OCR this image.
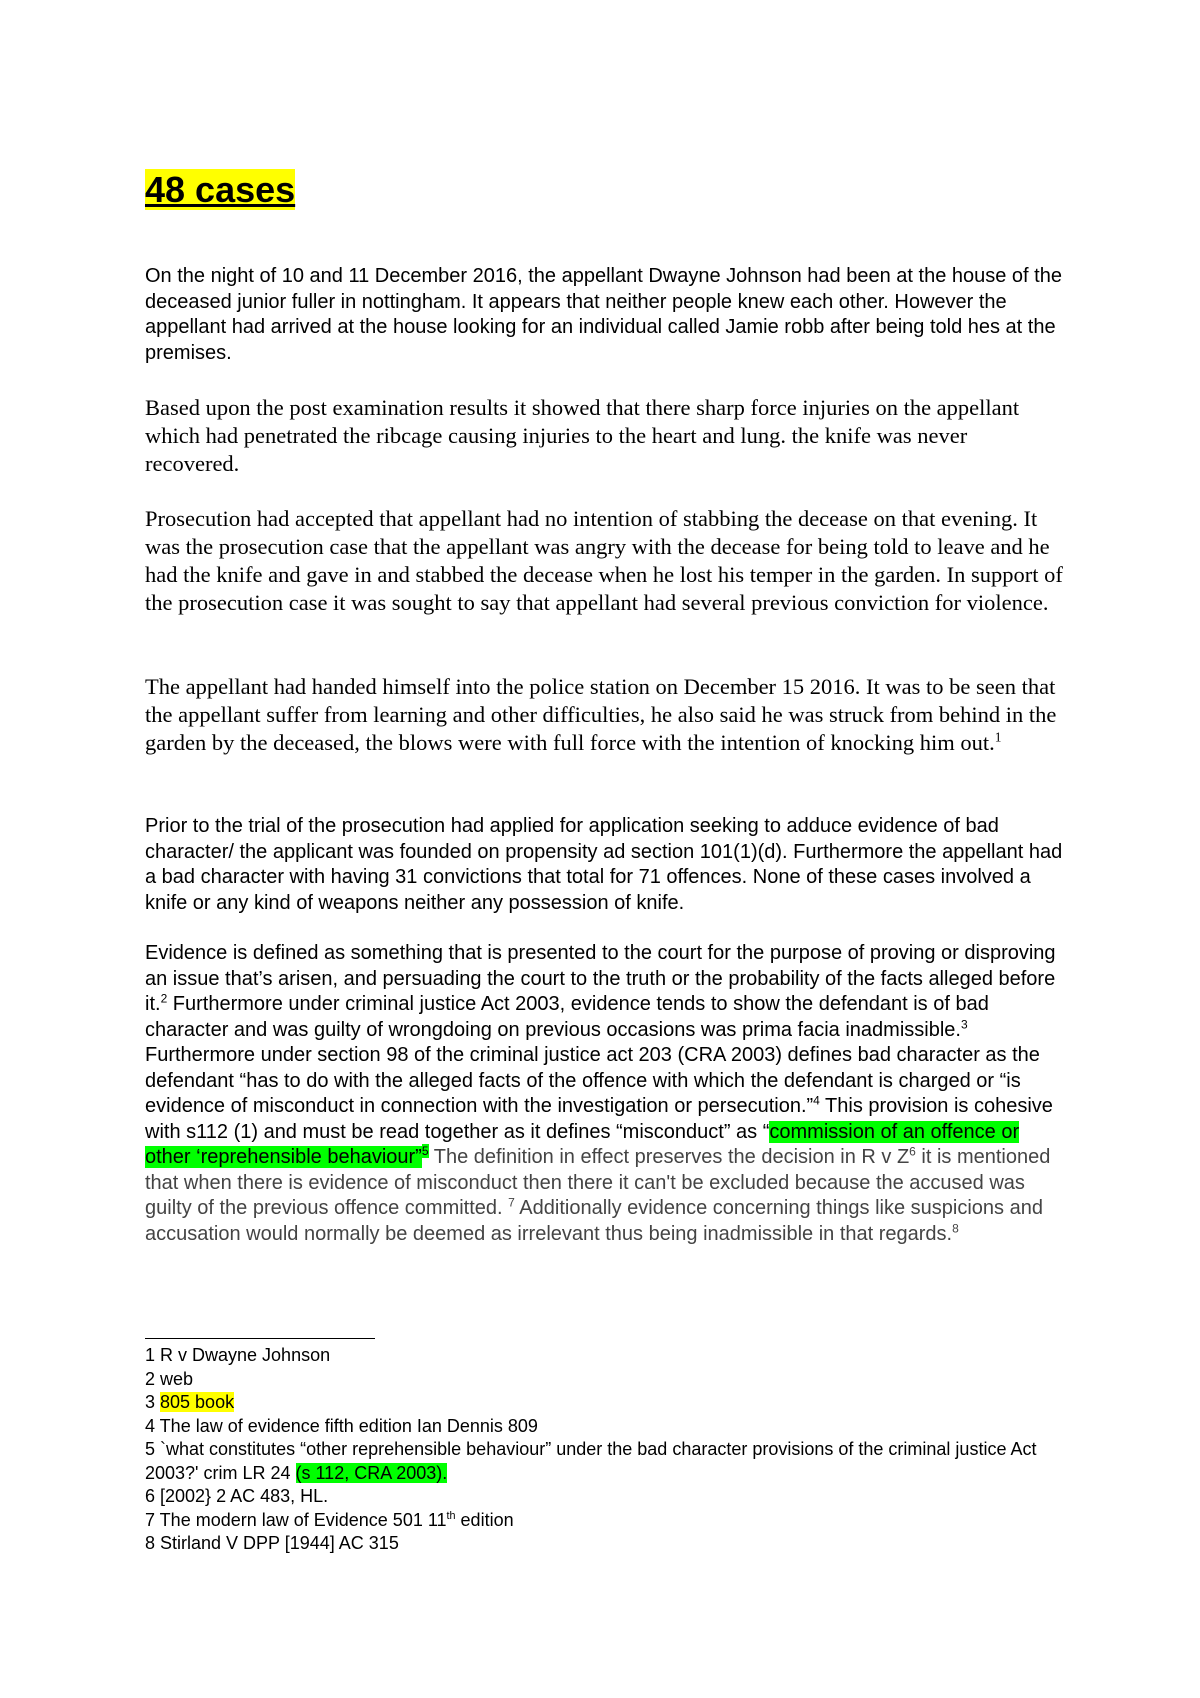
48 cases

On the night of 10 and 11 December 2016, the appellant Dwayne Johnson had been at the house of the deceased junior fuller in nottingham. It appears that neither people knew each other. However the appellant had arrived at the house looking for an individual called Jamie robb after being told hes at the premises.

Based upon the post examination results it showed that there sharp force injuries on the appellant which had penetrated the ribcage causing injuries to the heart and lung. the knife was never recovered.

Prosecution had accepted that appellant had no intention of stabbing the decease on that evening. It was the prosecution case that the appellant was angry with the decease for being told to leave and he had the knife and gave in and stabbed the decease when he lost his temper in the garden. In support of the prosecution case it was sought to say that appellant had several previous conviction for violence.

The appellant had handed himself into the police station on December 15 2016. It was to be seen that the appellant suffer from learning and other difficulties, he also said he was struck from behind in the garden by the deceased, the blows were with full force with the intention of knocking him out.$^1$

Prior to the trial of the prosecution had applied for application seeking to adduce evidence of bad character/ the applicant was founded on propensity ad section 101(1)(d). Furthermore the appellant had a bad character with having 31 convictions that total for 71 offences. None of these cases involved a knife or any kind of weapons neither any possession of knife.

Evidence is defined as something that is presented to the court for the purpose of proving or disproving an issue that’s arisen, and persuading the court to the truth or the probability of the facts alleged before it.$^2$ Furthermore under criminal justice Act 2003, evidence tends to show the defendant is of bad character and was guilty of wrongdoing on previous occasions was prima facia inadmissible.$^3$ Furthermore under section 98 of the criminal justice act 203 (CRA 2003) defines bad character as the defendant “has to do with the alleged facts of the offence with which the defendant is charged or “is evidence of misconduct in connection with the investigation or persecution.”$^4$ This provision is cohesive with s112 (1) and must be read together as it defines “misconduct” as “commission of an offence or other ‘reprehensible behaviour”$^5$ The definition in effect preserves the decision in R v $Z^6$ it is mentioned that when there is evidence of misconduct then there it can't be excluded because the accused was guilty of the previous offence committed. $^7$ Additionally evidence concerning things like suspicions and accusation would normally be deemed as irrelevant thus being inadmissible in that regards.$^8$

1 R v Dwayne Johnson
2 web
3 805 book
4 The law of evidence fifth edition Ian Dennis 809
5 `what constitutes “other reprehensible behaviour” under the bad character provisions of the criminal justice Act 2003?' crim LR 24 (s 112, CRA 2003).
6 [2002} 2 AC 483, HL.
7 The modern law of Evidence 501 11th edition
8 Stirland V DPP [1944] AC 315
